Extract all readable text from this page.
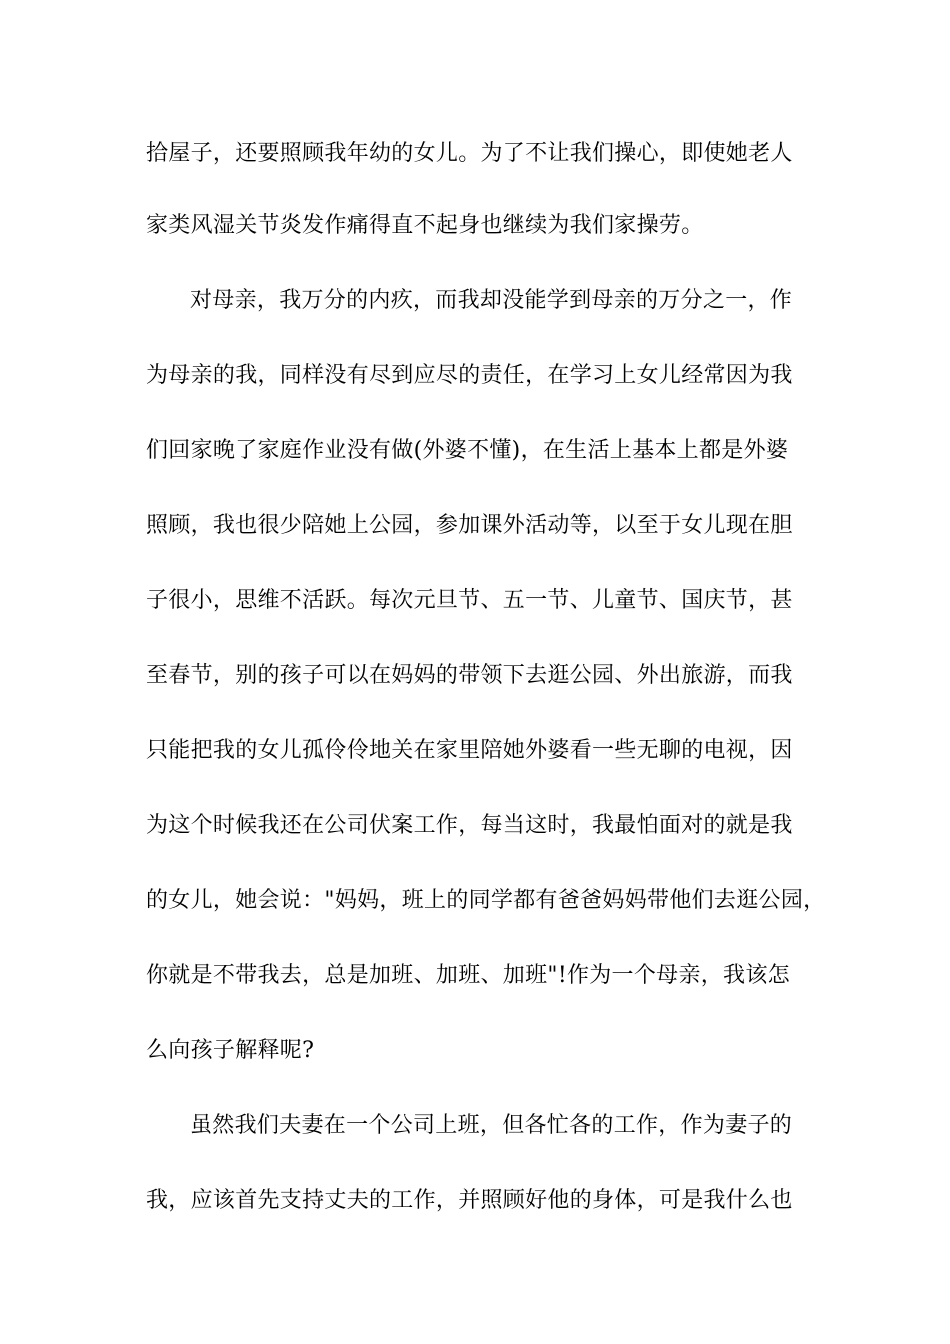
拾屋子，还要照顾我年幼的女儿。为了不让我们操心，即使她老人
家类风湿关节炎发作痛得直不起身也继续为我们家操劳。
对母亲，我万分的内疚，而我却没能学到母亲的万分之一，作
为母亲的我，同样没有尽到应尽的责任，在学习上女儿经常因为我
们回家晚了家庭作业没有做(外婆不懂)，在生活上基本上都是外婆
照顾，我也很少陪她上公园，参加课外活动等，以至于女儿现在胆
子很小，思维不活跃。每次元旦节、五一节、儿童节、国庆节，甚
至春节，别的孩子可以在妈妈的带领下去逛公园、外出旅游，而我
只能把我的女儿孤伶伶地关在家里陪她外婆看一些无聊的电视，因
为这个时候我还在公司伏案工作，每当这时，我最怕面对的就是我
的女儿，她会说："妈妈，班上的同学都有爸爸妈妈带他们去逛公园，
你就是不带我去，总是加班、加班、加班"!作为一个母亲，我该怎
么向孩子解释呢?
虽然我们夫妻在一个公司上班，但各忙各的工作，作为妻子的
我，应该首先支持丈夫的工作，并照顾好他的身体，可是我什么也
